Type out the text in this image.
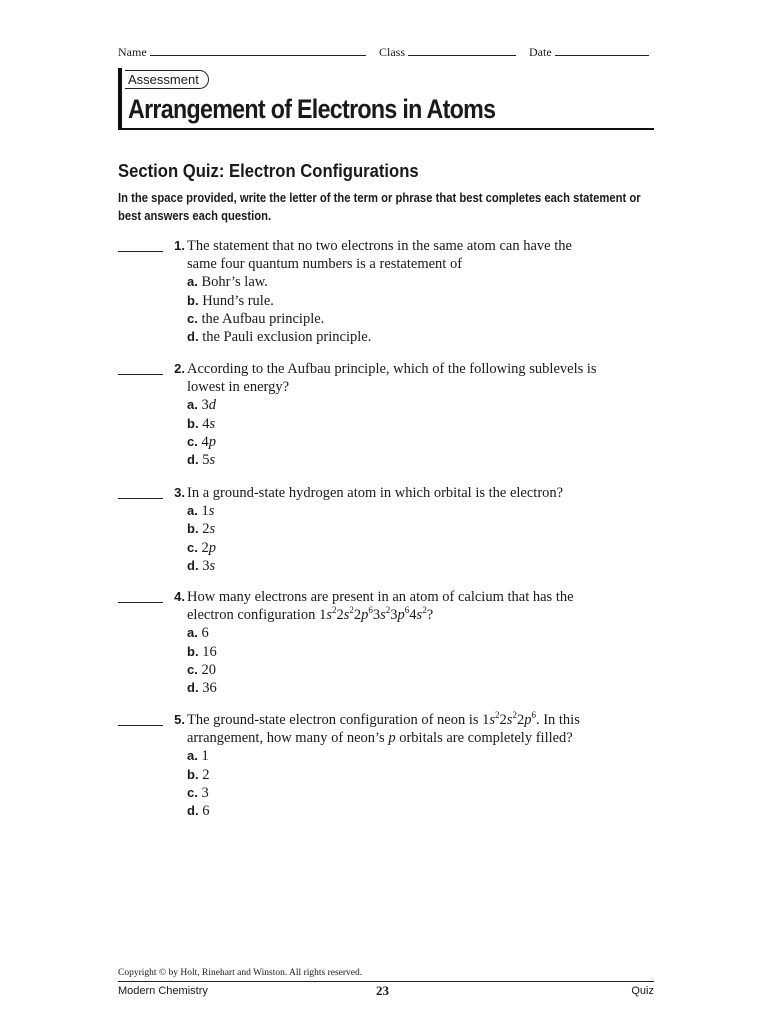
Name	Class	Date
Assessment
Arrangement of Electrons in Atoms
Section Quiz: Electron Configurations
In the space provided, write the letter of the term or phrase that best completes each statement or best answers each question.
1. The statement that no two electrons in the same atom can have the
same four quantum numbers is a restatement of
a. Bohr’s law.
b. Hund’s rule.
c. the Aufbau principle.
d. the Pauli exclusion principle.
2. According to the Aufbau principle, which of the following sublevels is
lowest in energy?
a. 3d
b. 4s
c. 4p
d. 5s
3. In a ground-state hydrogen atom in which orbital is the electron?
a. 1s
b. 2s
c. 2p
d. 3s
4. How many electrons are present in an atom of calcium that has the
electron configuration $1s^22s^22p^63s^23p^64s^2$?
a. 6
b. 16
c. 20
d. 36
5. The ground-state electron configuration of neon is $1s^22s^22p^6$. In this
arrangement, how many of neon’s p orbitals are completely filled?
a. 1
b. 2
c. 3
d. 6
Copyright © by Holt, Rinehart and Winston. All rights reserved.
Modern Chemistry	23	Quiz
